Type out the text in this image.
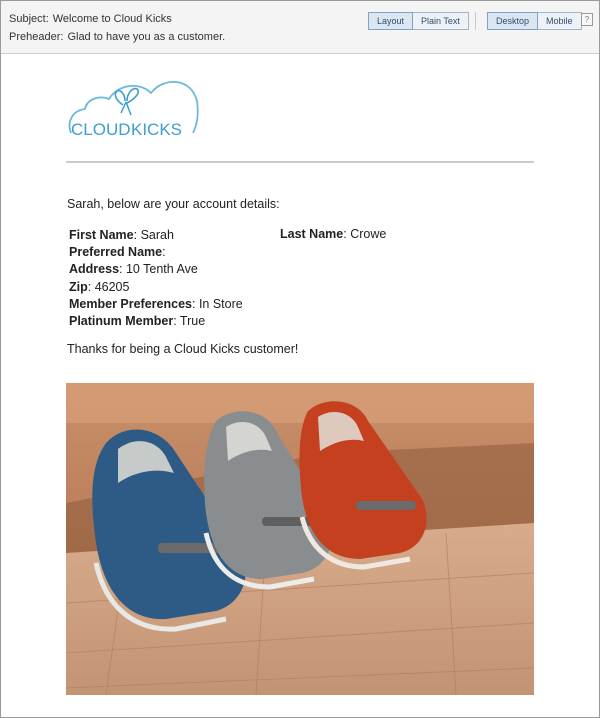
Subject: Welcome to Cloud Kicks
Preheader: Glad to have you as a customer.
Layout	Plain Text	Desktop	Mobile	?
CLOUD KICKS
Sarah, below are your account details:
First Name: Sarah
Preferred Name:
Address: 10 Tenth Ave
Zip: 46205
Member Preferences: In Store
Platinum Member: True
Last Name: Crowe
Thanks for being a Cloud Kicks customer!
